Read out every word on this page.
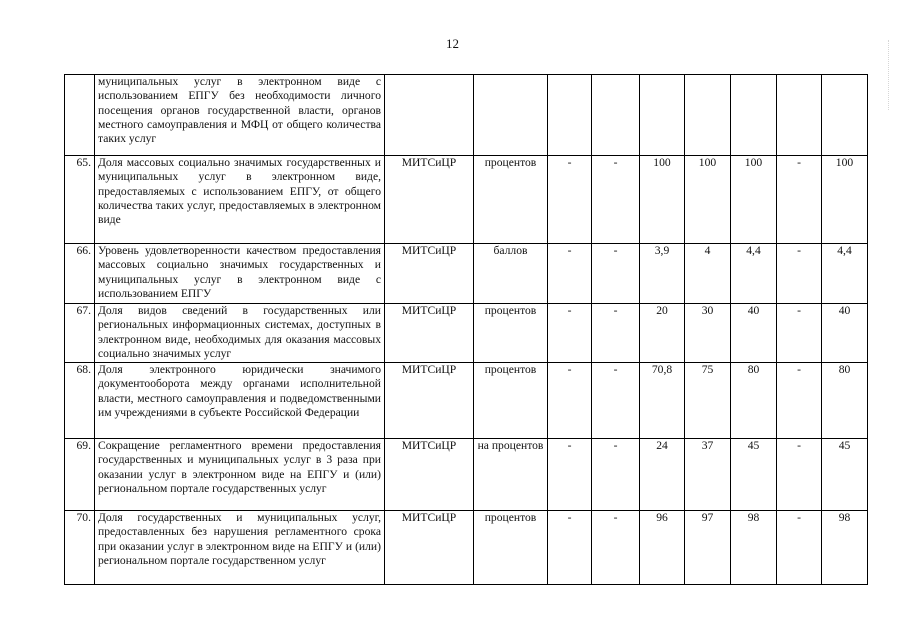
12
	муниципальных услуг в электронном виде с использованием ЕПГУ без необходимости личного посещения органов государственной власти, органов местного самоуправления и МФЦ от общего количества таких услуг									
65.	Доля массовых социально значимых государственных и муниципальных услуг в электронном виде, предоставляемых с использованием ЕПГУ, от общего количества таких услуг, предоставляемых в электронном виде	МИТСиЦР	процентов	-	-	100	100	100	-	100
66.	Уровень удовлетворенности качеством предоставления массовых социально значимых государственных и муниципальных услуг в электронном виде с использованием ЕПГУ	МИТСиЦР	баллов	-	-	3,9	4	4,4	-	4,4
67.	Доля видов сведений в государственных или региональных информационных системах, доступных в электронном виде, необходимых для оказания массовых социально значимых услуг	МИТСиЦР	процентов	-	-	20	30	40	-	40
68.	Доля электронного юридически значимого документооборота между органами исполнительной власти, местного самоуправления и подведомственными им учреждениями в субъекте Российской Федерации	МИТСиЦР	процентов	-	-	70,8	75	80	-	80
69.	Сокращение регламентного времени предоставления государственных и муниципальных услуг в 3 раза при оказании услуг в электронном виде на ЕПГУ и (или) региональном портале государственных услуг	МИТСиЦР	на процентов	-	-	24	37	45	-	45
70.	Доля государственных и муниципальных услуг, предоставленных без нарушения регламентного срока при оказании услуг в электронном виде на ЕПГУ и (или) региональном портале государственном услуг	МИТСиЦР	процентов	-	-	96	97	98	-	98
